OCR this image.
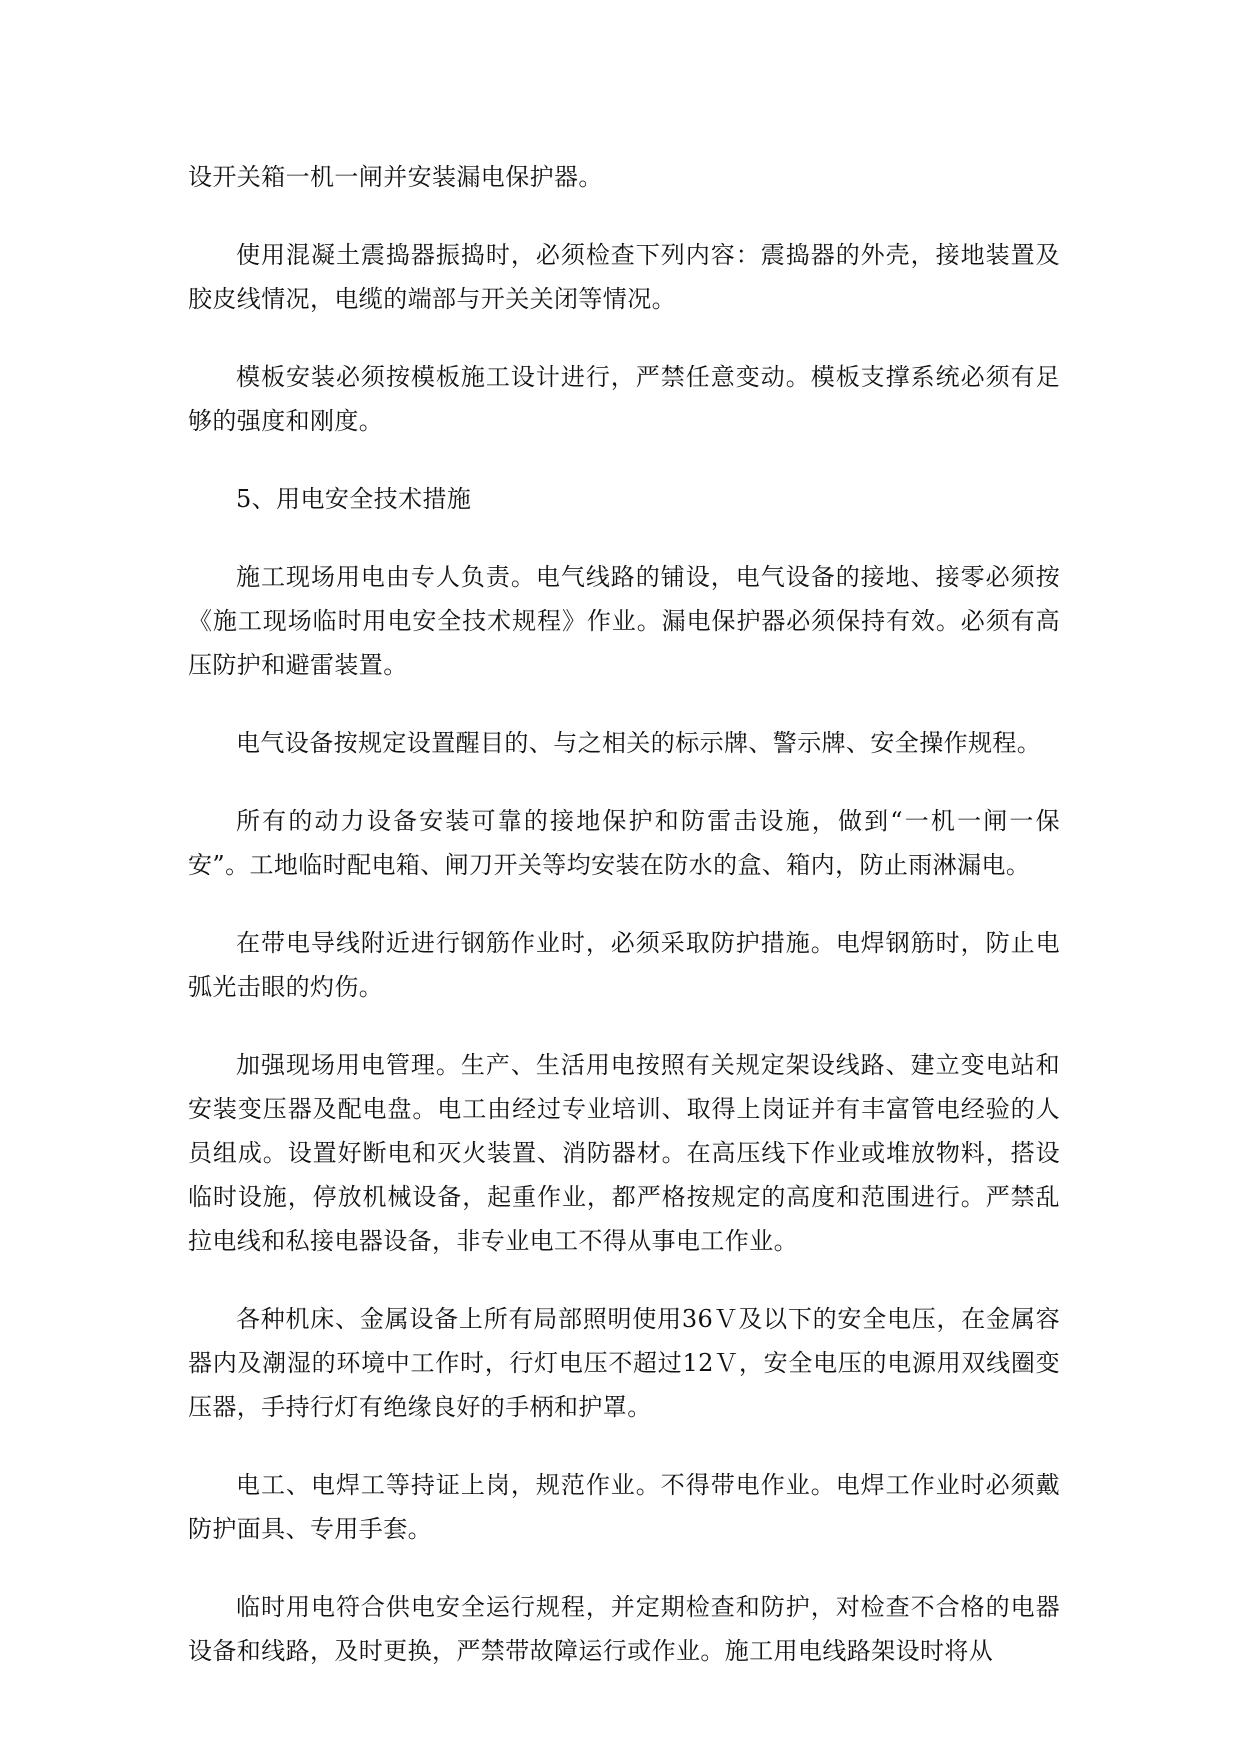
设开关箱一机一闸并安装漏电保护器。

使用混凝土震捣器振捣时，必须检查下列内容：震捣器的外壳，接地装置及胶皮线情况，电缆的端部与开关关闭等情况。

模板安装必须按模板施工设计进行，严禁任意变动。模板支撑系统必须有足够的强度和刚度。

5、用电安全技术措施

施工现场用电由专人负责。电气线路的铺设，电气设备的接地、接零必须按《施工现场临时用电安全技术规程》作业。漏电保护器必须保持有效。必须有高压防护和避雷装置。

电气设备按规定设置醒目的、与之相关的标示牌、警示牌、安全操作规程。

所有的动力设备安装可靠的接地保护和防雷击设施，做到“一机一闸一保安”。工地临时配电箱、闸刀开关等均安装在防水的盒、箱内，防止雨淋漏电。

在带电导线附近进行钢筋作业时，必须采取防护措施。电焊钢筋时，防止电弧光击眼的灼伤。

加强现场用电管理。生产、生活用电按照有关规定架设线路、建立变电站和安装变压器及配电盘。电工由经过专业培训、取得上岗证并有丰富管电经验的人员组成。设置好断电和灭火装置、消防器材。在高压线下作业或堆放物料，搭设临时设施，停放机械设备，起重作业，都严格按规定的高度和范围进行。严禁乱拉电线和私接电器设备，非专业电工不得从事电工作业。

各种机床、金属设备上所有局部照明使用36Ｖ及以下的安全电压，在金属容器内及潮湿的环境中工作时，行灯电压不超过12Ｖ，安全电压的电源用双线圈变压器，手持行灯有绝缘良好的手柄和护罩。

电工、电焊工等持证上岗，规范作业。不得带电作业。电焊工作业时必须戴防护面具、专用手套。

临时用电符合供电安全运行规程，并定期检查和防护，对检查不合格的电器设备和线路，及时更换，严禁带故障运行或作业。施工用电线路架设时将从
